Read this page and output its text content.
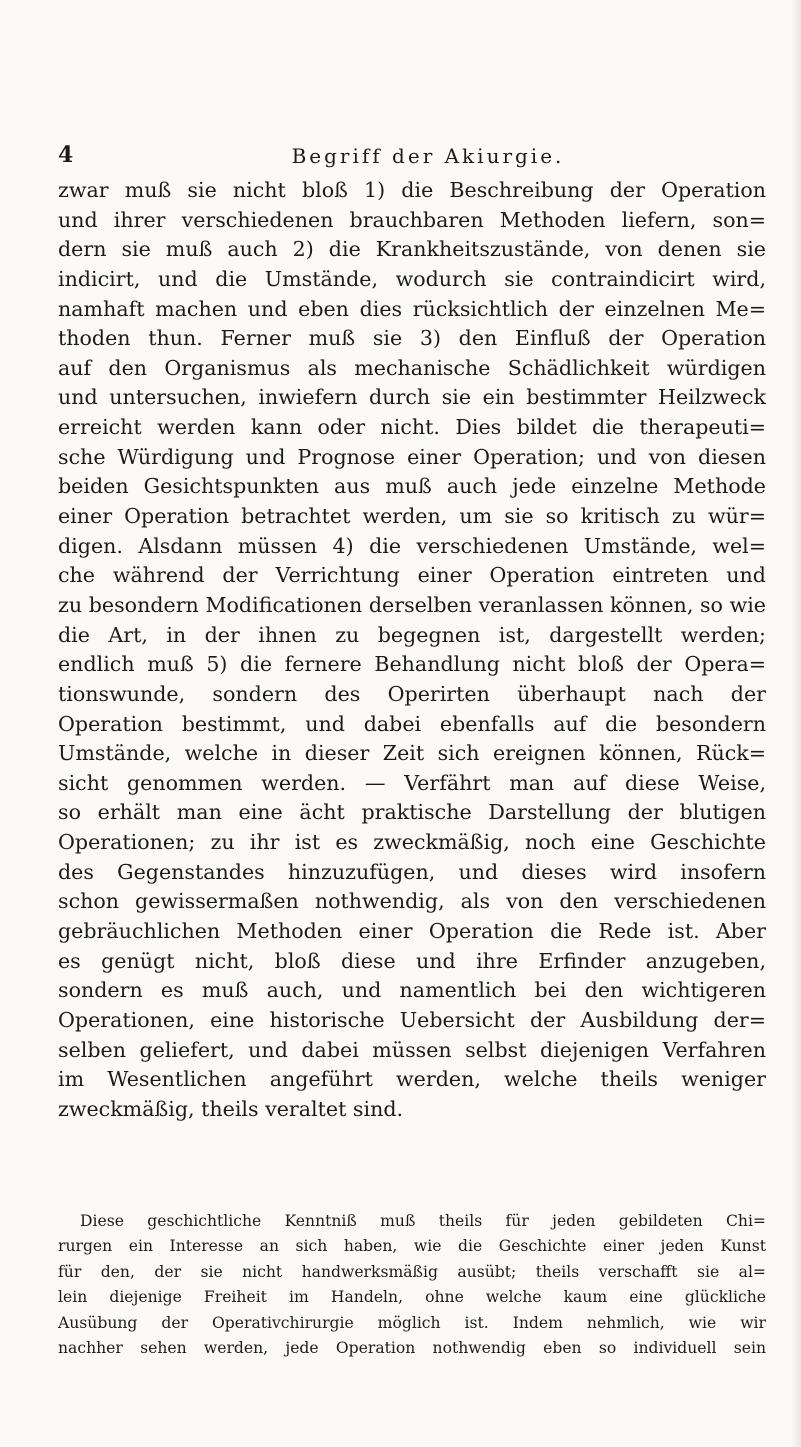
4	Begriff der Akiurgie.
zwar muß sie nicht bloß 1) die Beschreibung der Operation
und ihrer verschiedenen brauchbaren Methoden liefern, son=
dern sie muß auch 2) die Krankheitszustände, von denen sie
indicirt, und die Umstände, wodurch sie contraindicirt wird,
namhaft machen und eben dies rücksichtlich der einzelnen Me=
thoden thun. Ferner muß sie 3) den Einfluß der Operation
auf den Organismus als mechanische Schädlichkeit würdigen
und untersuchen, inwiefern durch sie ein bestimmter Heilzweck
erreicht werden kann oder nicht. Dies bildet die therapeuti=
sche Würdigung und Prognose einer Operation; und von diesen
beiden Gesichtspunkten aus muß auch jede einzelne Methode
einer Operation betrachtet werden, um sie so kritisch zu wür=
digen. Alsdann müssen 4) die verschiedenen Umstände, wel=
che während der Verrichtung einer Operation eintreten und
zu besondern Modificationen derselben veranlassen können, so wie
die Art, in der ihnen zu begegnen ist, dargestellt werden;
endlich muß 5) die fernere Behandlung nicht bloß der Opera=
tionswunde, sondern des Operirten überhaupt nach der
Operation bestimmt, und dabei ebenfalls auf die besondern
Umstände, welche in dieser Zeit sich ereignen können, Rück=
sicht genommen werden. — Verfährt man auf diese Weise,
so erhält man eine ächt praktische Darstellung der blutigen
Operationen; zu ihr ist es zweckmäßig, noch eine Geschichte
des Gegenstandes hinzuzufügen, und dieses wird insofern
schon gewissermaßen nothwendig, als von den verschiedenen
gebräuchlichen Methoden einer Operation die Rede ist. Aber
es genügt nicht, bloß diese und ihre Erfinder anzugeben,
sondern es muß auch, und namentlich bei den wichtigeren
Operationen, eine historische Uebersicht der Ausbildung der=
selben geliefert, und dabei müssen selbst diejenigen Verfahren
im Wesentlichen angeführt werden, welche theils weniger
zweckmäßig, theils veraltet sind.
Diese geschichtliche Kenntniß muß theils für jeden gebildeten Chi=
rurgen ein Interesse an sich haben, wie die Geschichte einer jeden Kunst
für den, der sie nicht handwerksmäßig ausübt; theils verschafft sie al=
lein diejenige Freiheit im Handeln, ohne welche kaum eine glückliche
Ausübung der Operativchirurgie möglich ist. Indem nehmlich, wie wir
nachher sehen werden, jede Operation nothwendig eben so individuell sein
